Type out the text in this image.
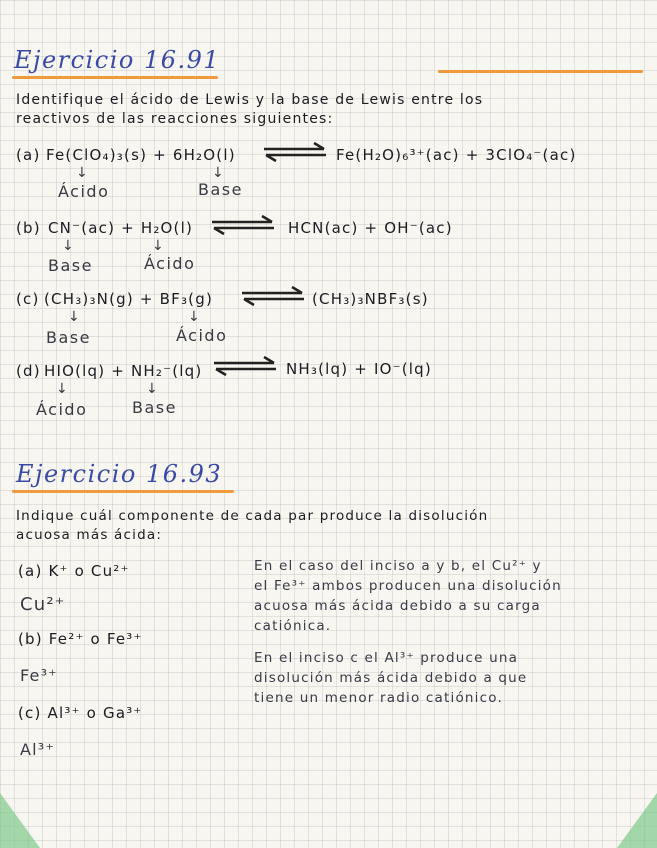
Ejercicio 16.91
Identifique el ácido de Lewis y la base de Lewis entre los
reactivos de las reacciones siguientes:
(a) Fe(ClO₄)₃(s) + 6H₂O(l)	Fe(H₂O)₆³⁺(ac) + 3ClO₄⁻(ac)
↓	↓
Ácido	Base
(b) CN⁻(ac) + H₂O(l)	HCN(ac) + OH⁻(ac)
↓	↓
Base	Ácido
(c) (CH₃)₃N(g) + BF₃(g)	(CH₃)₃NBF₃(s)
↓	↓
Base	Ácido
(d) HIO(lq) + NH₂⁻(lq)	NH₃(lq) + IO⁻(lq)
↓	↓
Ácido	Base
Ejercicio 16.93
Indique cuál componente de cada par produce la disolución
acuosa más ácida:
(a) K⁺ o Cu²⁺
Cu²⁺
(b) Fe²⁺ o Fe³⁺
Fe³⁺
(c) Al³⁺ o Ga³⁺
Al³⁺
En el caso del inciso a y b, el Cu²⁺ y
el Fe³⁺ ambos producen una disolución
acuosa más ácida debido a su carga
catiónica.
En el inciso c el Al³⁺ produce una
disolución más ácida debido a que
tiene un menor radio catiónico.
